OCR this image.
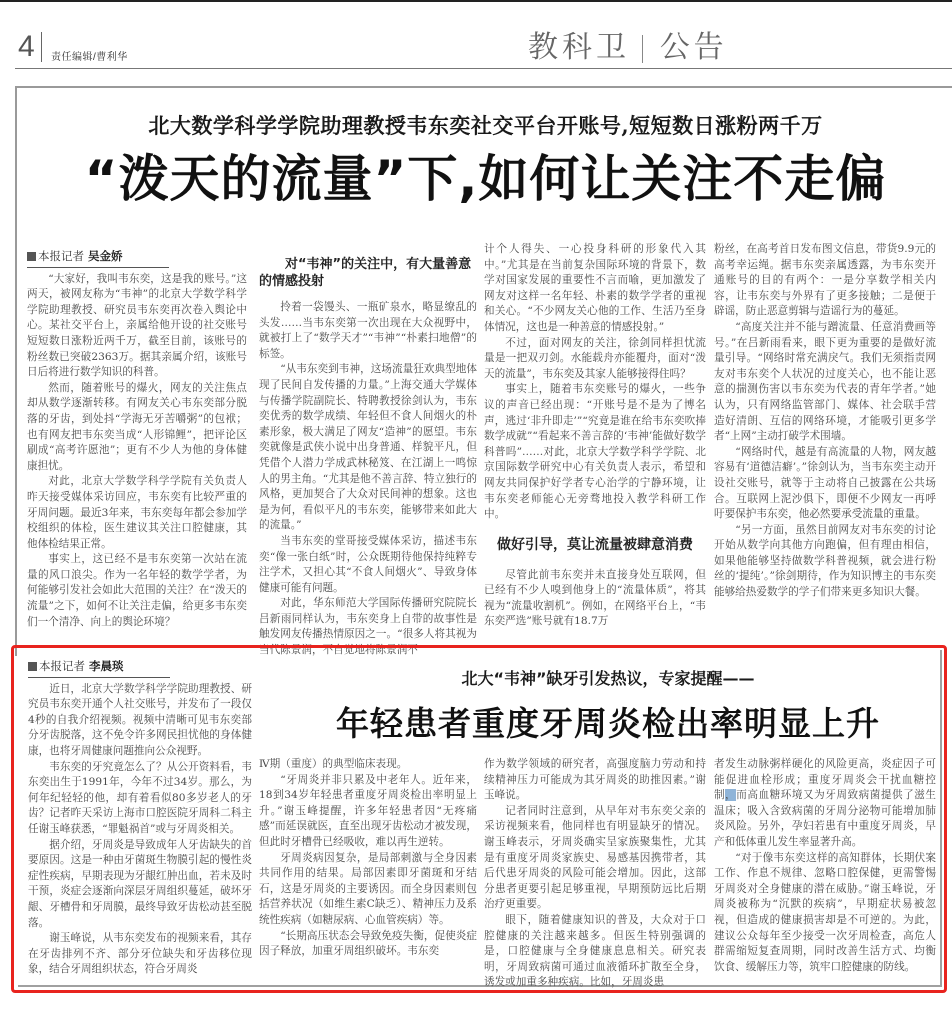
4 责任编辑/曹利华	教科卫 公告
北大数学科学学院助理教授韦东奕社交平台开账号,短短数日涨粉两千万
“泼天的流量”下,如何让关注不走偏
本报记者 吴金娇

“大家好，我叫韦东奕，这是我的账号。”这两天，被网友称为“韦神”的北京大学数学科学学院助理教授、研究员韦东奕再次卷入舆论中心。某社交平台上，亲属给他开设的社交账号短短数日涨粉近两千万，截至目前，该账号的粉丝数已突破2363万。据其亲属介绍，该账号日后将进行数学知识的科普。

然而，随着账号的爆火，网友的关注焦点却从数学逐渐转移。有网友关心韦东奕部分脱落的牙齿，到处抖“学海无牙苦嚼粥”的包袱；也有网友把韦东奕当成“人形锦鲤”，把评论区刷成“高考许愿池”；更有不少人为他的身体健康担忧。

对此，北京大学数学科学学院有关负责人昨天接受媒体采访回应，韦东奕有比较严重的牙周问题。最近3年来，韦东奕每年都会参加学校组织的体检，医生建议其关注口腔健康，其他体检结果正常。

事实上，这已经不是韦东奕第一次站在流量的风口浪尖。作为一名年轻的数学学者，为何能够引发社会如此大范围的关注？在“泼天的流量”之下，如何不让关注走偏，给更多韦东奕们一个清净、向上的舆论环境？

对“韦神”的关注中，有大量善意的情感投射

拎着一袋馒头、一瓶矿泉水，略显缭乱的头发……当韦东奕第一次出现在大众视野中，就被打上了“数学天才”“韦神”“朴素扫地僧”的标签。

“从韦东奕到韦神，这场流量狂欢典型地体现了民间自发传播的力量。”上海交通大学媒体与传播学院副院长、特聘教授徐剑认为，韦东奕优秀的数学成绩、年轻但不食人间烟火的朴素形象，极大满足了网友“造神”的愿望。韦东奕就像是武侠小说中出身普通、样貌平凡，但凭借个人潜力学成武林秘笈、在江湖上一鸣惊人的男主角。“尤其是他不善言辞、特立独行的风格，更加契合了大众对民间神的想象。这也是为何，看似平凡的韦东奕，能够带来如此大的流量。”

当韦东奕的堂哥接受媒体采访，描述韦东奕“像一张白纸”时，公众既期待他保持纯粹专注学术，又担心其“不食人间烟火”、导致身体健康可能有问题。

对此，华东师范大学国际传播研究院院长吕新雨同样认为，韦东奕身上自带的故事性是触发网友传播热情原因之一。“很多人将其视为当代陈景润，不自觉地将陈景润不

计个人得失、一心投身科研的形象代入其中。”尤其是在当前复杂国际环境的背景下，数学对国家发展的重要性不言而喻，更加激发了网友对这样一名年轻、朴素的数学学者的重视和关心。“不少网友关心他的工作、生活乃至身体情况，这也是一种善意的情感投射。”

不过，面对网友的关注，徐剑同样担忧流量是一把双刃剑。水能载舟亦能覆舟，面对“泼天的流量”，韦东奕及其家人能够接得住吗？

事实上，随着韦东奕账号的爆火，一些争议的声音已经出现：“开账号是不是为了博名声，逃过‘非升即走’”“究竟是谁在给韦东奕吹捧数学成就”“看起来不善言辞的‘韦神’能做好数学科普吗”……对此，北京大学数学科学学院、北京国际数学研究中心有关负责人表示，希望和网友共同保护好学者专心治学的宁静环境，让韦东奕老师能心无旁骛地投入教学科研工作中。

做好引导，莫让流量被肆意消费

尽管此前韦东奕并未直接身处互联网，但已经有不少人嗅到他身上的“流量体质”，将其视为“流量收割机”。例如，在网络平台上，“韦东奕严选”账号就有18.7万

粉丝，在高考首日发布图文信息，带货9.9元的高考幸运绳。据韦东奕亲属透露，为韦东奕开通账号的目的有两个：一是分享数学相关内容，让韦东奕与外界有了更多接触；二是便于辟谣，防止恶意剪辑与造谣行为的蔓延。

“高度关注并不能与蹭流量、任意消费画等号。”在吕新雨看来，眼下更为重要的是做好流量引导。“网络时常充满戾气。我们无须指责网友对韦东奕个人状况的过度关心，也不能让恶意的揣测伤害以韦东奕为代表的青年学者。”她认为，只有网络监管部门、媒体、社会联手营造好清朗、互信的网络环境，才能吸引更多学者“上网”主动打破学术围墙。

“网络时代，越是有高流量的人物，网友越容易有‘道德洁癖’。”徐剑认为，当韦东奕主动开设社交账号，就等于主动将自己披露在公共场合。互联网上泥沙俱下，即便不少网友一再呼吁要保护韦东奕，他必然要承受流量的重量。

“另一方面，虽然目前网友对韦东奕的讨论开始从数学向其他方向跑偏，但有理由相信，如果他能够坚持做数学科普视频，就会进行粉丝的‘提纯’。”徐剑期待，作为知识博主的韦东奕能够给热爱数学的学子们带来更多知识大餐。

北大“韦神”缺牙引发热议，专家提醒——
年轻患者重度牙周炎检出率明显上升
本报记者 李晨琰

近日，北京大学数学科学学院助理教授、研究员韦东奕开通个人社交账号，并发布了一段仅4秒的自我介绍视频。视频中清晰可见韦东奕部分牙齿脱落，这不免令许多网民担忧他的身体健康，也将牙周健康问题推向公众视野。

韦东奕的牙究竟怎么了？从公开资料看，韦东奕出生于1991年，今年不过34岁。那么，为何年纪轻轻的他，却有着看似80多岁老人的牙齿？记者昨天采访上海市口腔医院牙周科二科主任谢玉峰获悉，“罪魁祸首”或与牙周炎相关。

据介绍，牙周炎是导致成年人牙齿缺失的首要原因。这是一种由牙菌斑生物膜引起的慢性炎症性疾病，早期表现为牙龈红肿出血，若未及时干预，炎症会逐渐向深层牙周组织蔓延，破坏牙龈、牙槽骨和牙周膜，最终导致牙齿松动甚至脱落。

谢玉峰说，从韦东奕发布的视频来看，其存在牙齿排列不齐、部分牙位缺失和牙齿移位现象，结合牙周组织状态，符合牙周炎

Ⅳ期（重度）的典型临床表现。

“牙周炎并非只累及中老年人。近年来，18到34岁年轻患者重度牙周炎检出率明显上升。”谢玉峰提醒，许多年轻患者因“无疼痛感”而延误就医，直至出现牙齿松动才被发现，但此时牙槽骨已经吸收，难以再生逆转。

牙周炎病因复杂，是局部刺激与全身因素共同作用的结果。局部因素即牙菌斑和牙结石，这是牙周炎的主要诱因。而全身因素则包括营养状况（如维生素C缺乏）、精神压力及系统性疾病（如糖尿病、心血管疾病）等。

“长期高压状态会导致免疫失衡，促使炎症因子释放，加重牙周组织破坏。韦东奕

作为数学领域的研究者，高强度脑力劳动和持续精神压力可能成为其牙周炎的助推因素。”谢玉峰说。

记者同时注意到，从早年对韦东奕父亲的采访视频来看，他同样也有明显缺牙的情况。谢玉峰表示，牙周炎确实呈家族聚集性，尤其是有重度牙周炎家族史、易感基因携带者，其后代患牙周炎的风险可能会增加。因此，这部分患者更要引起足够重视，早期预防远比后期治疗更重要。

眼下，随着健康知识的普及，大众对于口腔健康的关注越来越多。但医生特别强调的是，口腔健康与全身健康息息相关。研究表明，牙周致病菌可通过血液循环扩散至全身，诱发或加重多种疾病。比如，牙周炎患

者发生动脉粥样硬化的风险更高，炎症因子可能促进血栓形成；重度牙周炎会干扰血糖控制，而高血糖环境又为牙周致病菌提供了滋生温床；吸入含致病菌的牙周分泌物可能增加肺炎风险。另外，孕妇若患有中重度牙周炎，早产和低体重儿发生率显著升高。

“对于像韦东奕这样的高知群体，长期伏案工作、作息不规律、忽略口腔保健，更需警惕牙周炎对全身健康的潜在威胁。”谢玉峰说，牙周炎被称为“沉默的疾病”，早期症状易被忽视，但造成的健康损害却是不可逆的。为此，建议公众每年至少接受一次牙周检查，高危人群需缩短复查周期，同时改善生活方式、均衡饮食、缓解压力等，筑牢口腔健康的防线。
